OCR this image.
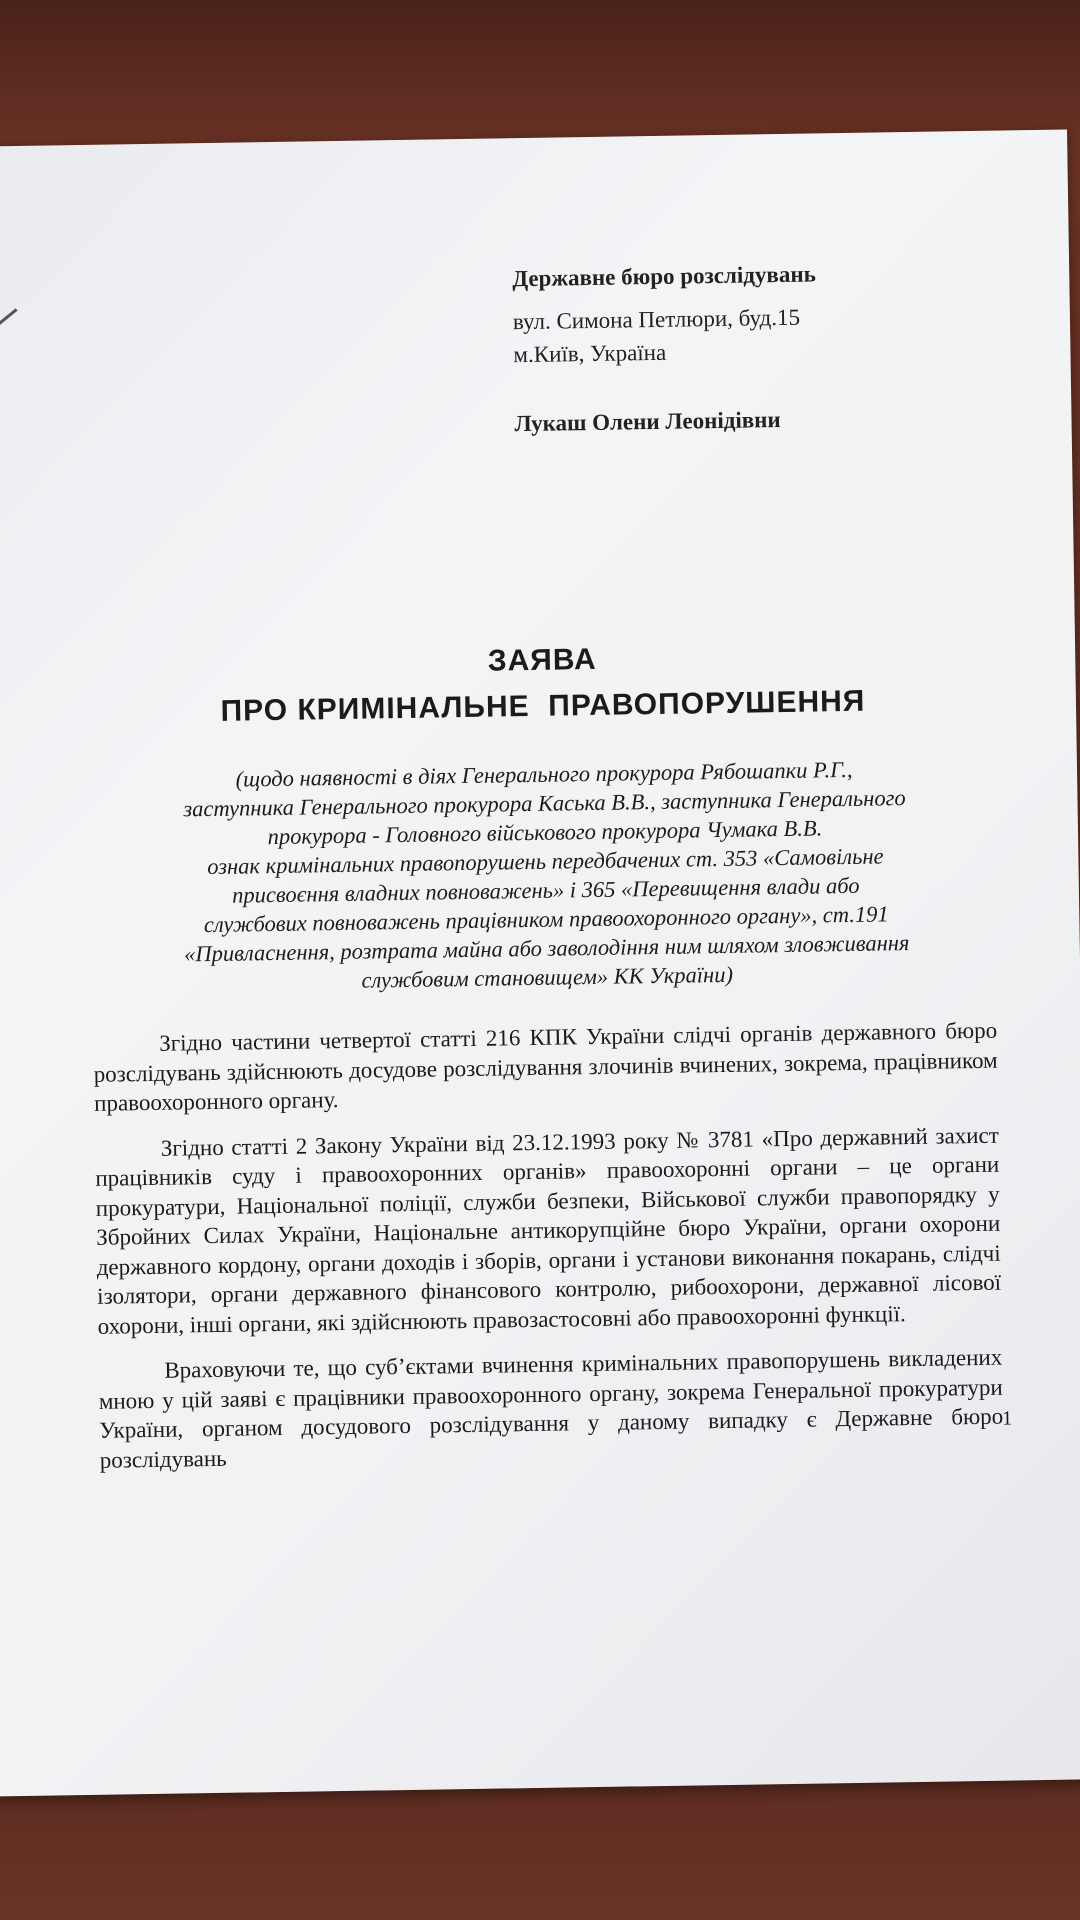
Державне бюро розслідувань
вул. Симона Петлюри, буд.15
м.Київ, Україна
Лукаш Олени Леонідівни
ЗАЯВА
ПРО КРИМІНАЛЬНЕ  ПРАВОПОРУШЕННЯ
(щодо наявності в діях Генерального прокурора Рябошапки Р.Г.,
заступника Генерального прокурора Каська В.В., заступника Генерального
прокурора - Головного військового прокурора Чумака В.В.
ознак кримінальних правопорушень передбачених ст. 353 «Самовільне
присвоєння владних повноважень» і 365 «Перевищення влади або
службових повноважень працівником правоохоронного органу», ст.191
«Привласнення, розтрата майна або заволодіння ним шляхом зловживання
службовим становищем» КК України)

Згідно частини четвертої статті 216 КПК України слідчі органів державного бюро розслідувань здійснюють досудове розслідування злочинів вчинених, зокрема, працівником правоохоронного органу.

Згідно статті 2 Закону України від 23.12.1993 року № 3781 «Про державний захист працівників суду і правоохоронних органів» правоохоронні органи – це органи прокуратури, Національної поліції, служби безпеки, Військової служби правопорядку у Збройних Силах України, Національне антикорупційне бюро України, органи охорони державного кордону, органи доходів і зборів, органи і установи виконання покарань, слідчі ізолятори, органи державного фінансового контролю, рибоохорони, державної лісової охорони, інші органи, які здійснюють правозастосовні або правоохоронні функції.

Враховуючи те, що суб’єктами вчинення кримінальних правопорушень викладених мною у цій заяві є працівники правоохоронного органу, зокрема Генеральної прокуратури України, органом досудового розслідування у даному випадку є Державне бюро розслідувань

1
